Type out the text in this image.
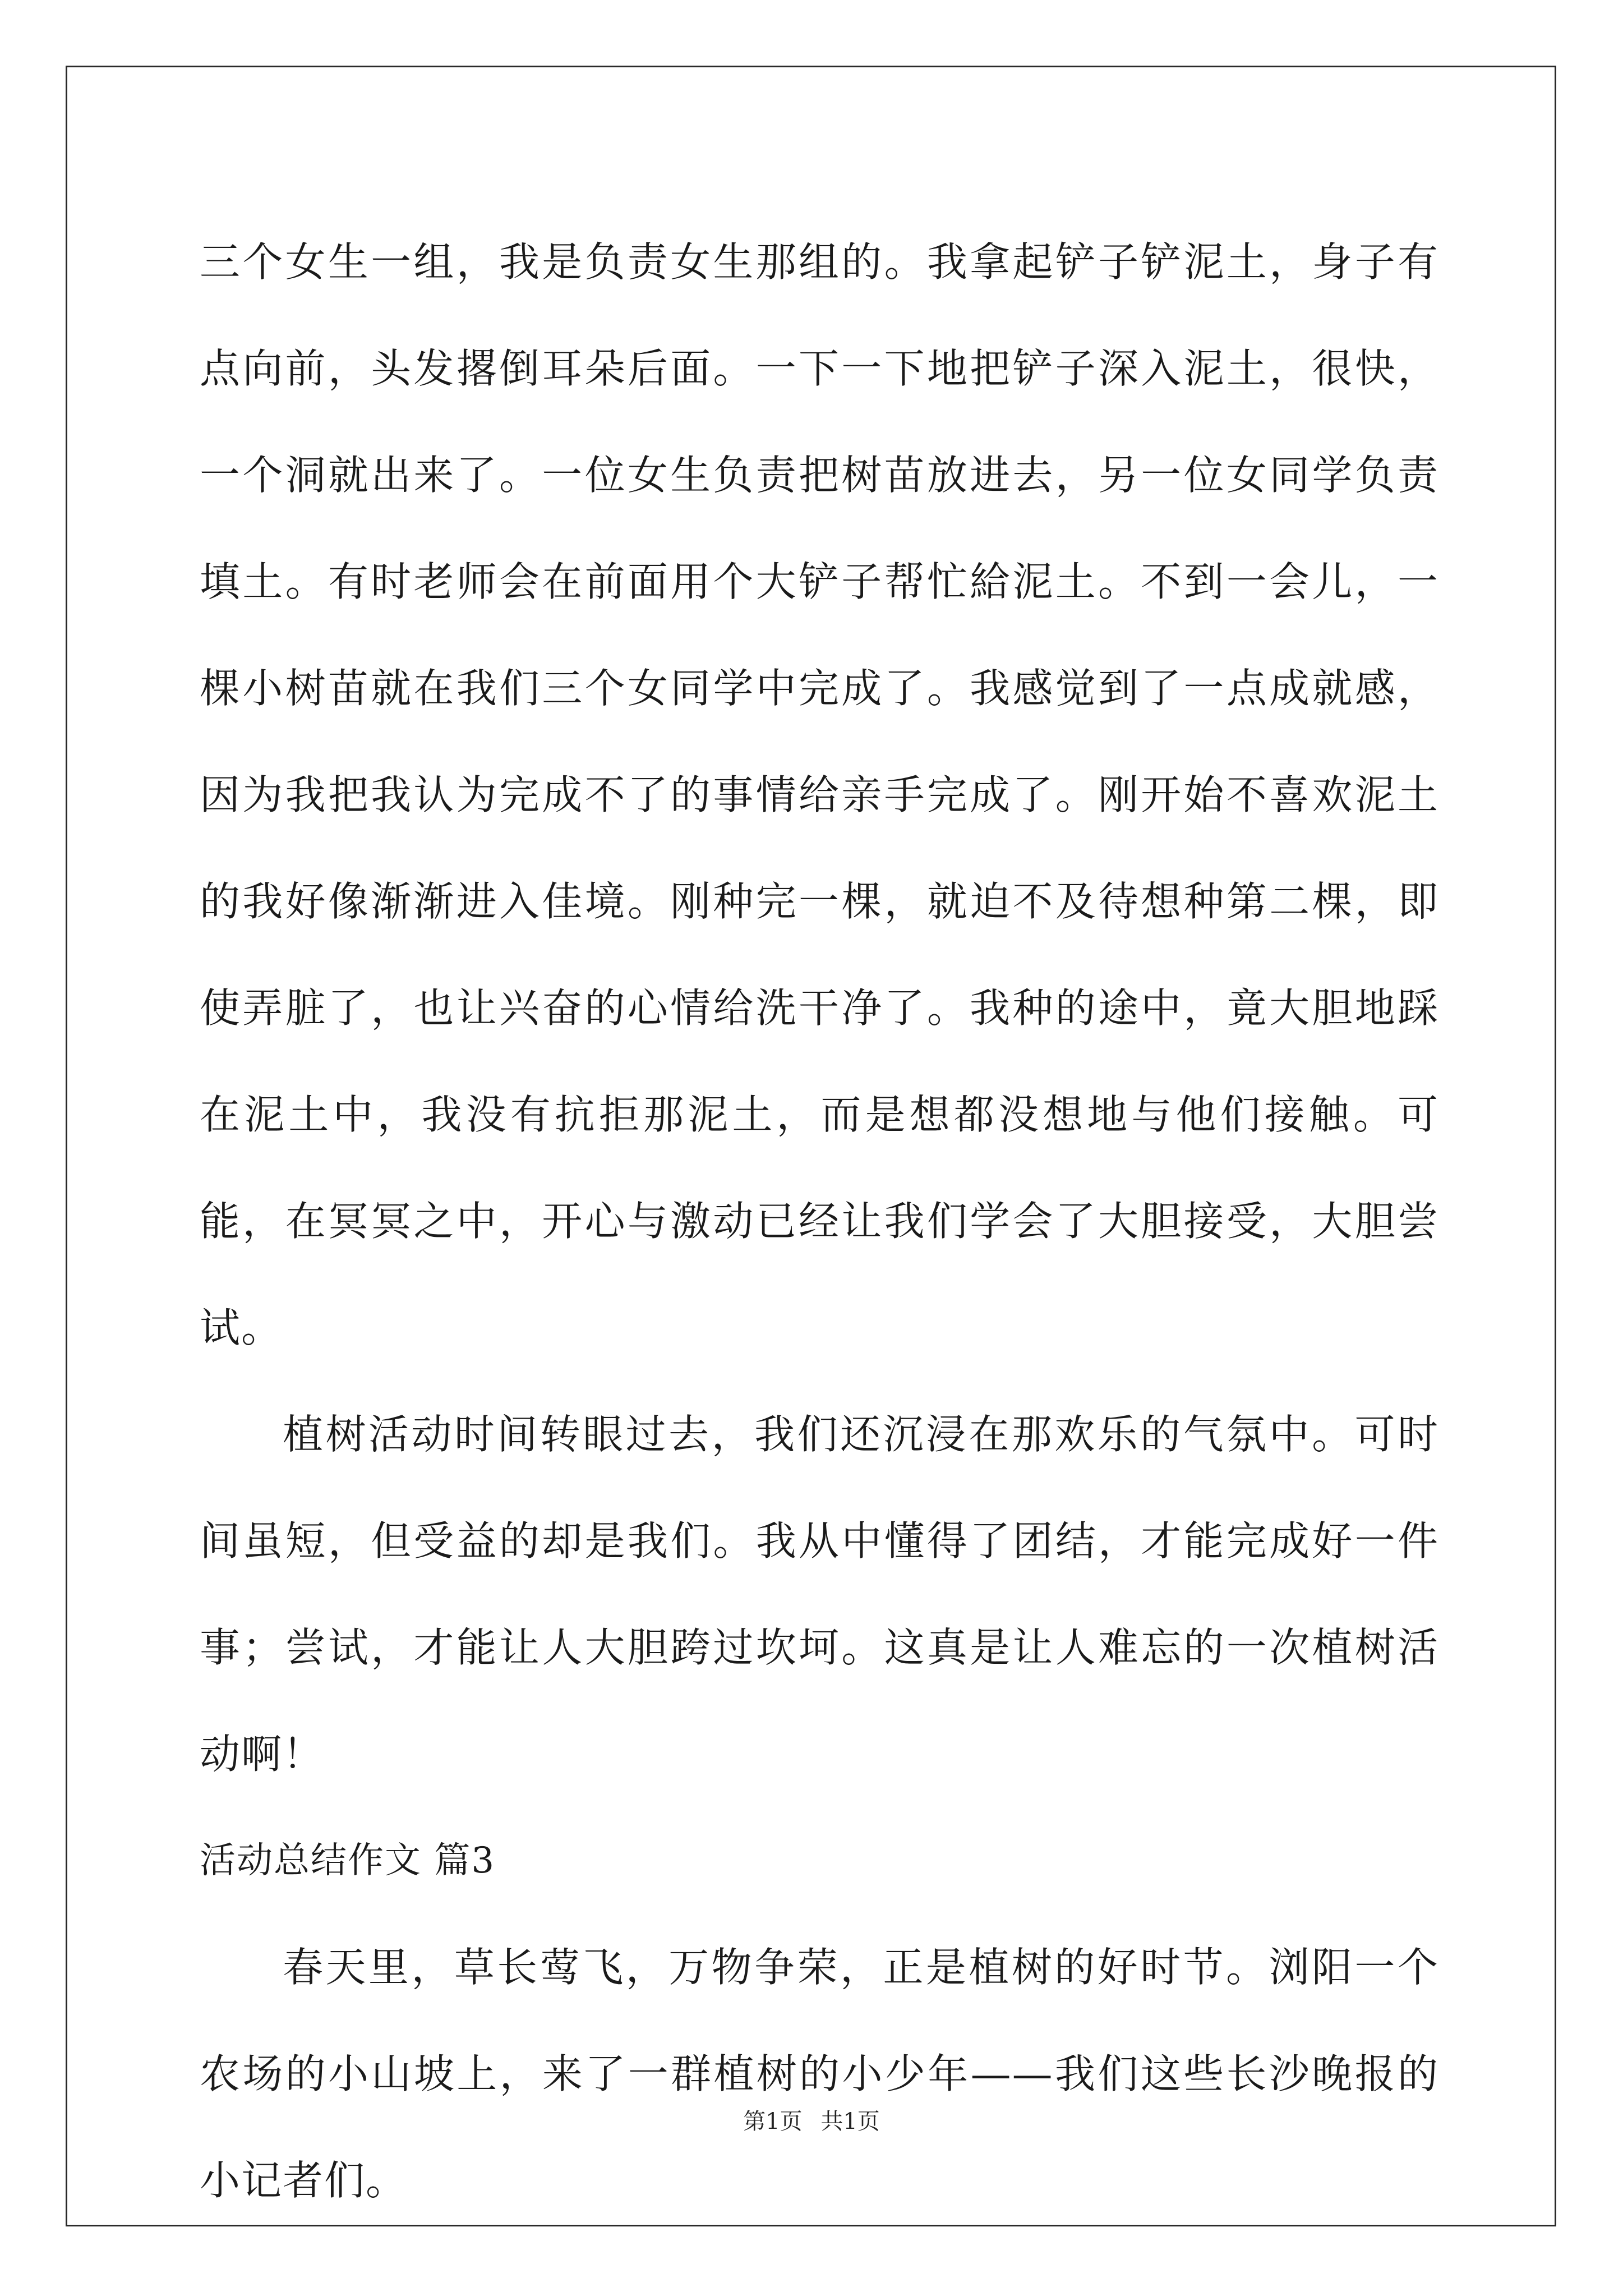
三个女生一组，我是负责女生那组的。我拿起铲子铲泥土，身子有点向前，头发撂倒耳朵后面。一下一下地把铲子深入泥土，很快，一个洞就出来了。一位女生负责把树苗放进去，另一位女同学负责填土。有时老师会在前面用个大铲子帮忙給泥土。不到一会儿，一棵小树苗就在我们三个女同学中完成了。我感觉到了一点成就感，因为我把我认为完成不了的事情给亲手完成了。刚开始不喜欢泥土的我好像渐渐进入佳境。刚种完一棵，就迫不及待想种第二棵，即使弄脏了，也让兴奋的心情给洗干净了。我种的途中，竟大胆地踩在泥土中，我没有抗拒那泥土，而是想都没想地与他们接触。可能，在冥冥之中，开心与激动已经让我们学会了大胆接受，大胆尝试。

植树活动时间转眼过去，我们还沉浸在那欢乐的气氛中。可时间虽短，但受益的却是我们。我从中懂得了团结，才能完成好一件事；尝试，才能让人大胆跨过坎坷。这真是让人难忘的一次植树活动啊！

活动总结作文 篇3

春天里，草长莺飞，万物争荣，正是植树的好时节。浏阳一个农场的小山坡上，来了一群植树的小少年——我们这些长沙晚报的小记者们。

第1页 共1页
